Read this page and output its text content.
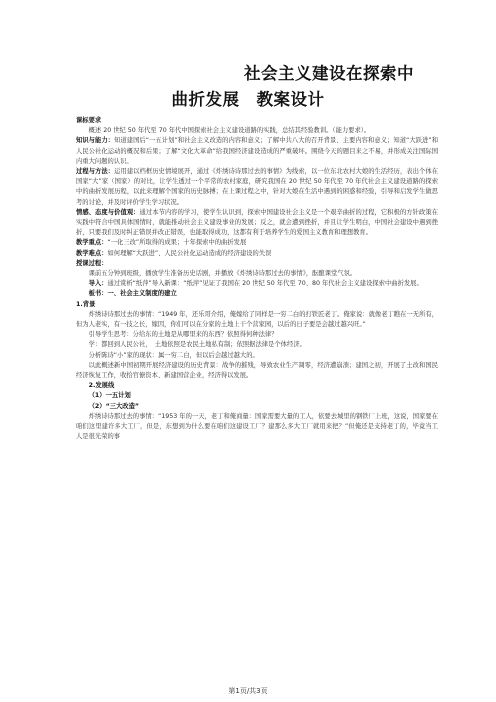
社会主义建设在探索中
曲折发展　教案设计

课标要求

概述 20 世纪 50 年代至 70 年代中国探索社会主义建设道路的实践，总结其经验教训。（能力要求）。

知识与能力：知道建国后“一五计划”和社会主义改造的内容和意义；了解中共八大的召开背景、主要内容和意义；知道“大跃进”和人民公社化运动的概况和后果；了解“文化大革命”给我国经济建设造成的严重破坏。围绕今天的题目来之不易，并形成关注国际国内重大问题的认识。

过程与方法：运用建以档框历史情境展开，通过《炸绣诗诗那过去的事情》为线索，以一位东北农村大娘的生活经历，表出个体在国家“大”家（国家）的对比，让学生透过一个平常的农村家庭，研究我国在 20 世纪 50 年代至 70 年代社会主义建设道路的探索中的曲折发展历程，以此来理解个国家的历史脉搏；在上课过程之中，针对大娘在生活中遇到的困惑和经验，引导和启发学生做思考的讨论，并及时评价学生学习状况。

情感、态度与价值观：通过本节内容的学习，使学生认识到，探索中国建设社会主义是一个艰辛曲折的过程，它积极的方针政策在实践中符合中国具体国情时，就能推动社会主义建设事业的发展；反之，就会遭到挫折，并且让学生明白，中国社会建设中遇到挫折，只要我们及时纠正错误并改正错误，也能取得成功，这都有利于培养学生的爱国主义教育和理想教育。

教学重点：“一化三改”所取得的成果；十年探索中的曲折发展

教学难点：如何理解“大跃进”、人民公社化运动造成的经济建设的失误

授课过程：

课前五分钟到班级，播放学生准备历史话剧，并播放《炸绣诗诗那过去的事情》，酝酿课堂气氛。

导入：通过赏析“纸萍”导入新课：“纸萍”见证了我国在 20 世纪 50 年代至 70、80 年代社会主义建设探索中曲折发展。

板书：一、社会主义制度的建立

1.背景

炸绣诗诗那过去的事情：“1949 年，还乐哥介绍，俺嫁给了同样是一穷二白的打铁匠老丁。俺家说：就像老丁瞧在一无所有，但为人老实，有一技之长，嫁因，你们可以在分家的土地上干个营家园，以后的日子要是会越过越兴旺。”

引导学生思考：分给东的土地是从哪里来的东西？依照得何种法律？

学：都回到人民公社，　土地依照是农民土地私有制；依照据法律是个体经济。

分析陈诗“小”家的现状：属一穷二白，但以后会越过越大的。

以此概述新中国初期开展经济建设的历史背景：战争的摧残，导致农业生产凋零，经济遭崩溃；建国之初，开展了土改和国民经济恢复工作，收拾官僚资本、新建国营企业，经济得以发展。

2.发展线

（1）一五计划

（2）“三大改造”

炸绣诗诗那过去的事情：“1953 年的一天，老丁和俺商量：国家需要大量的工人，依要去城里的钢铁厂上班，这说，国家要在咱们这里建许多大工厂，但是，东想到为什么要在咱们这建设工厂？建那么多大工厂就用来把？”但俺还是支持老丁的，毕竟当工人是很光荣的事

第1页/共3页
